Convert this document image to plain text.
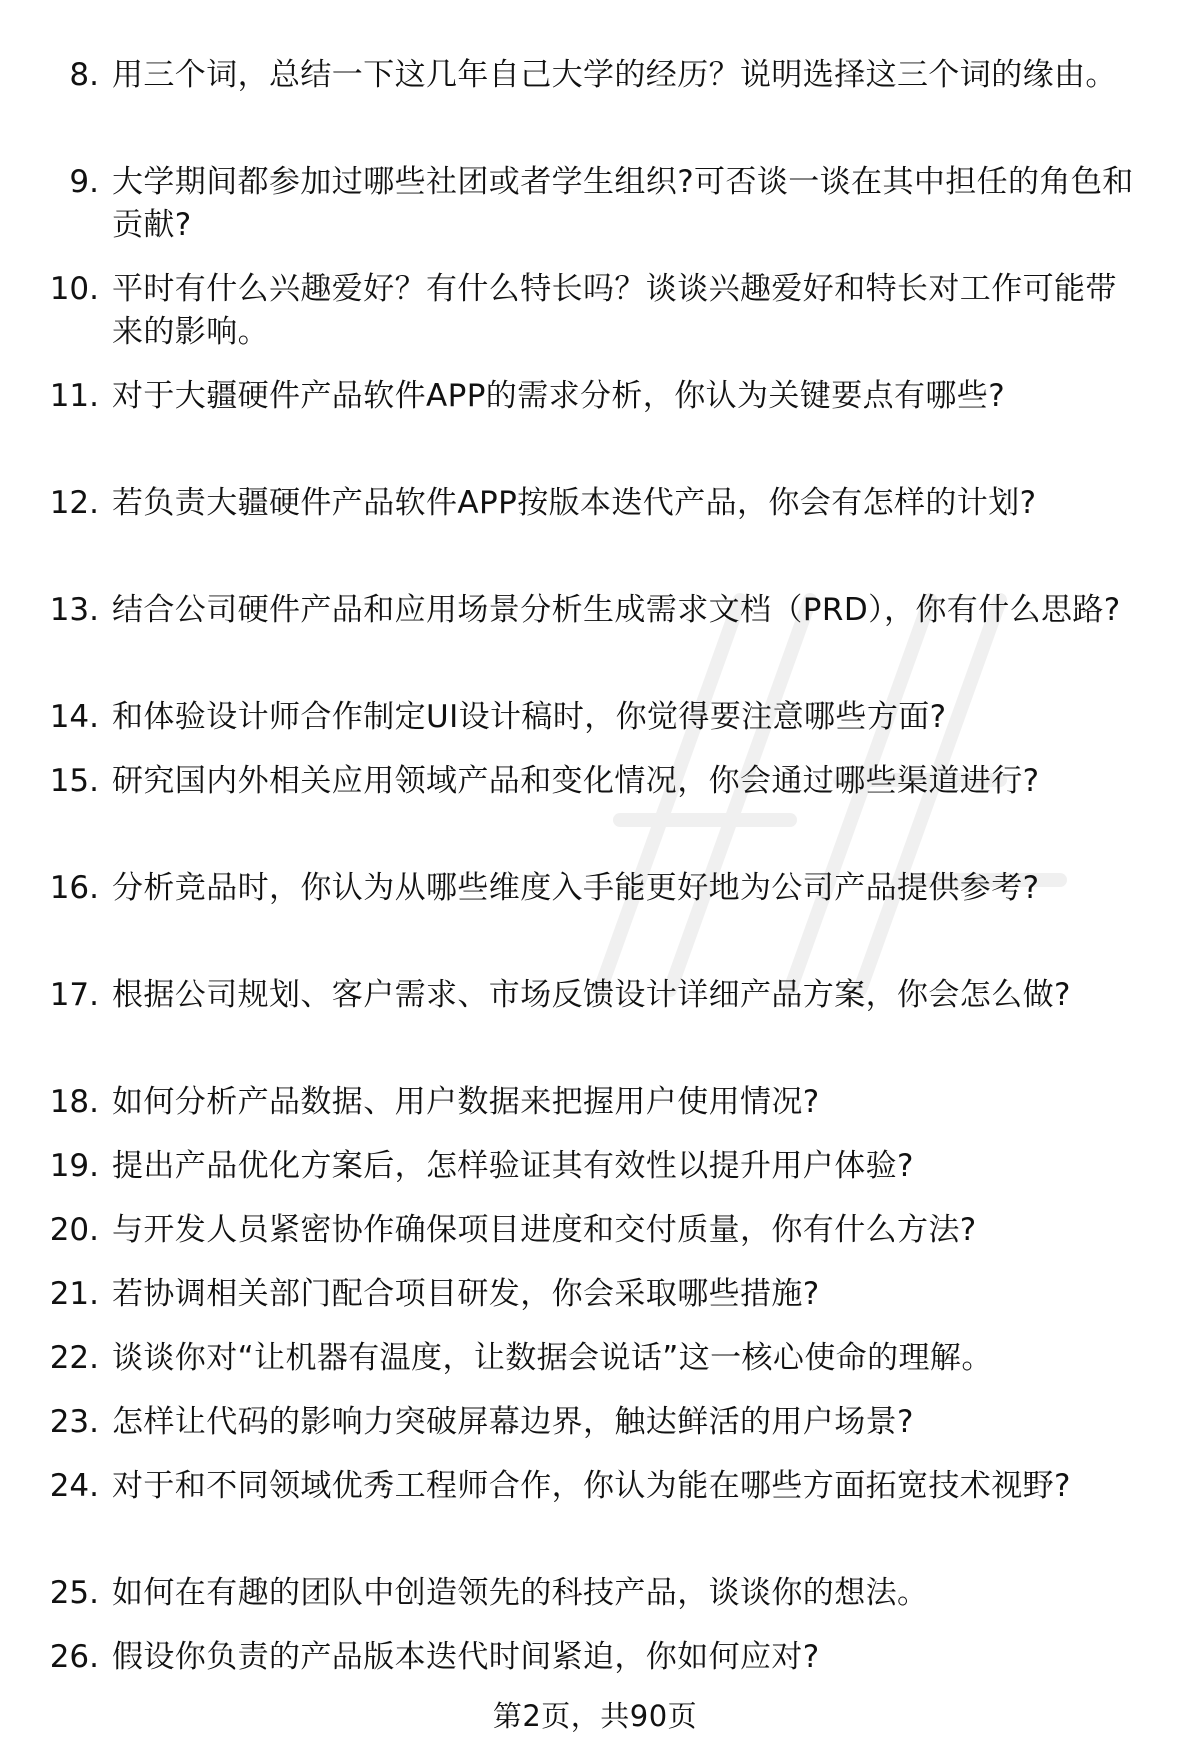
8. 用三个词，总结一下这几年自己大学的经历？说明选择这三个词的缘由。
9. 大学期间都参加过哪些社团或者学生组织?可否谈一谈在其中担任的角色和贡献?
10. 平时有什么兴趣爱好？有什么特长吗？谈谈兴趣爱好和特长对工作可能带来的影响。
11. 对于大疆硬件产品软件APP的需求分析，你认为关键要点有哪些?
12. 若负责大疆硬件产品软件APP按版本迭代产品，你会有怎样的计划?
13. 结合公司硬件产品和应用场景分析生成需求文档（PRD），你有什么思路?
14. 和体验设计师合作制定UI设计稿时，你觉得要注意哪些方面?
15. 研究国内外相关应用领域产品和变化情况，你会通过哪些渠道进行?
16. 分析竞品时，你认为从哪些维度入手能更好地为公司产品提供参考?
17. 根据公司规划、客户需求、市场反馈设计详细产品方案，你会怎么做?
18. 如何分析产品数据、用户数据来把握用户使用情况?
19. 提出产品优化方案后，怎样验证其有效性以提升用户体验?
20. 与开发人员紧密协作确保项目进度和交付质量，你有什么方法?
21. 若协调相关部门配合项目研发，你会采取哪些措施?
22. 谈谈你对“让机器有温度，让数据会说话”这一核心使命的理解。
23. 怎样让代码的影响力突破屏幕边界，触达鲜活的用户场景?
24. 对于和不同领域优秀工程师合作，你认为能在哪些方面拓宽技术视野?
25. 如何在有趣的团队中创造领先的科技产品，谈谈你的想法。
26. 假设你负责的产品版本迭代时间紧迫，你如何应对?
第2页，共90页
